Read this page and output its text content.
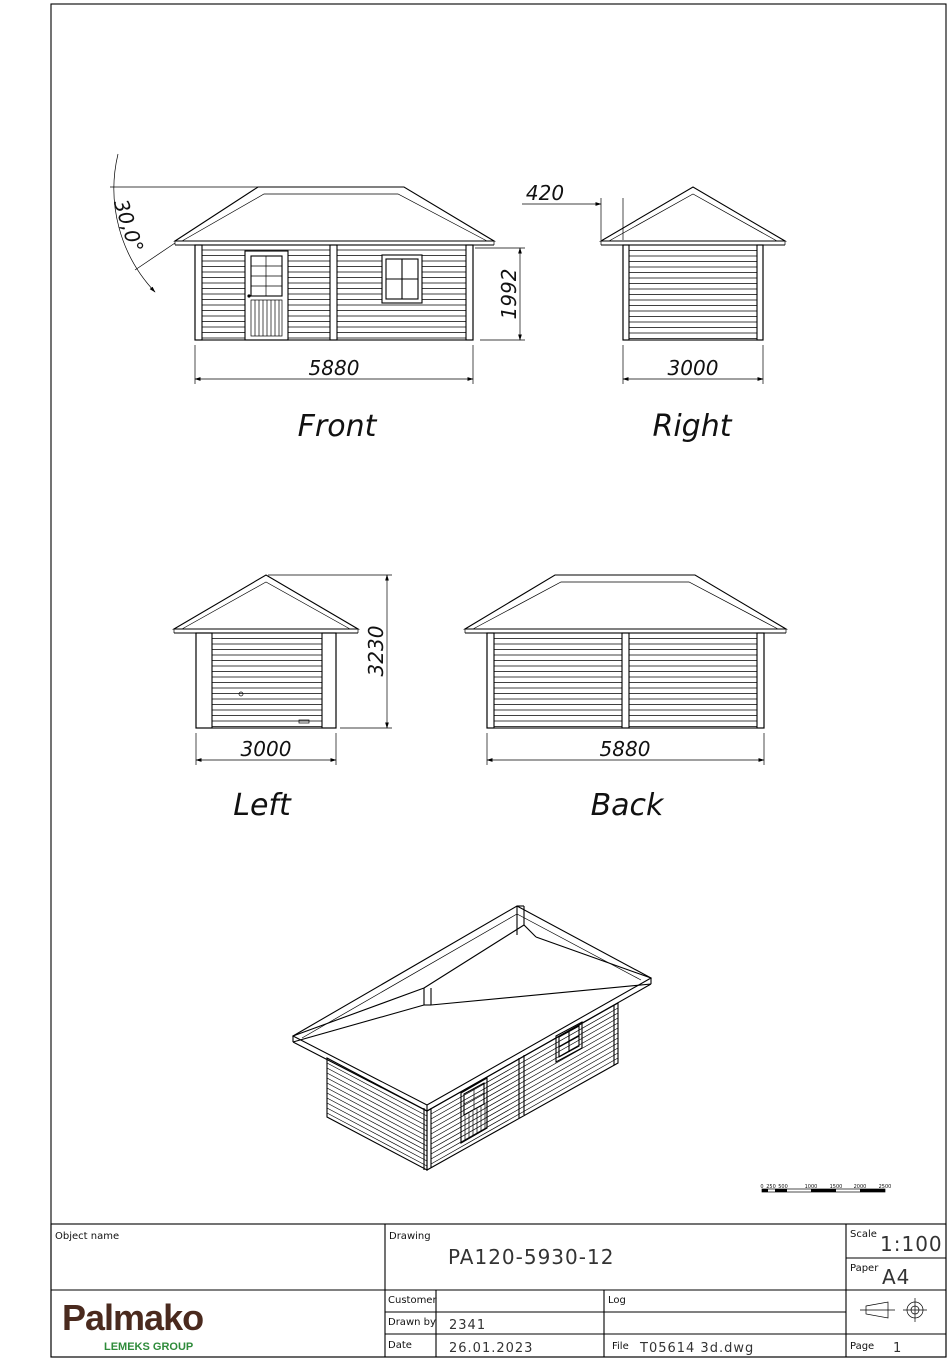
5880
1992
30,0°
Front
3000
420
Right
3000
3230
Left
5880
Back
0 250 500	1000 1500 2000 2500
Object name	Drawing
PA120-5930-12
Scale 1:100
Paper A4
Customer	Log
Drawn by 2341
Date	26.01.2023	File T05614 3d.dwg	Page 1
Palmako
LEMEKS GROUP
